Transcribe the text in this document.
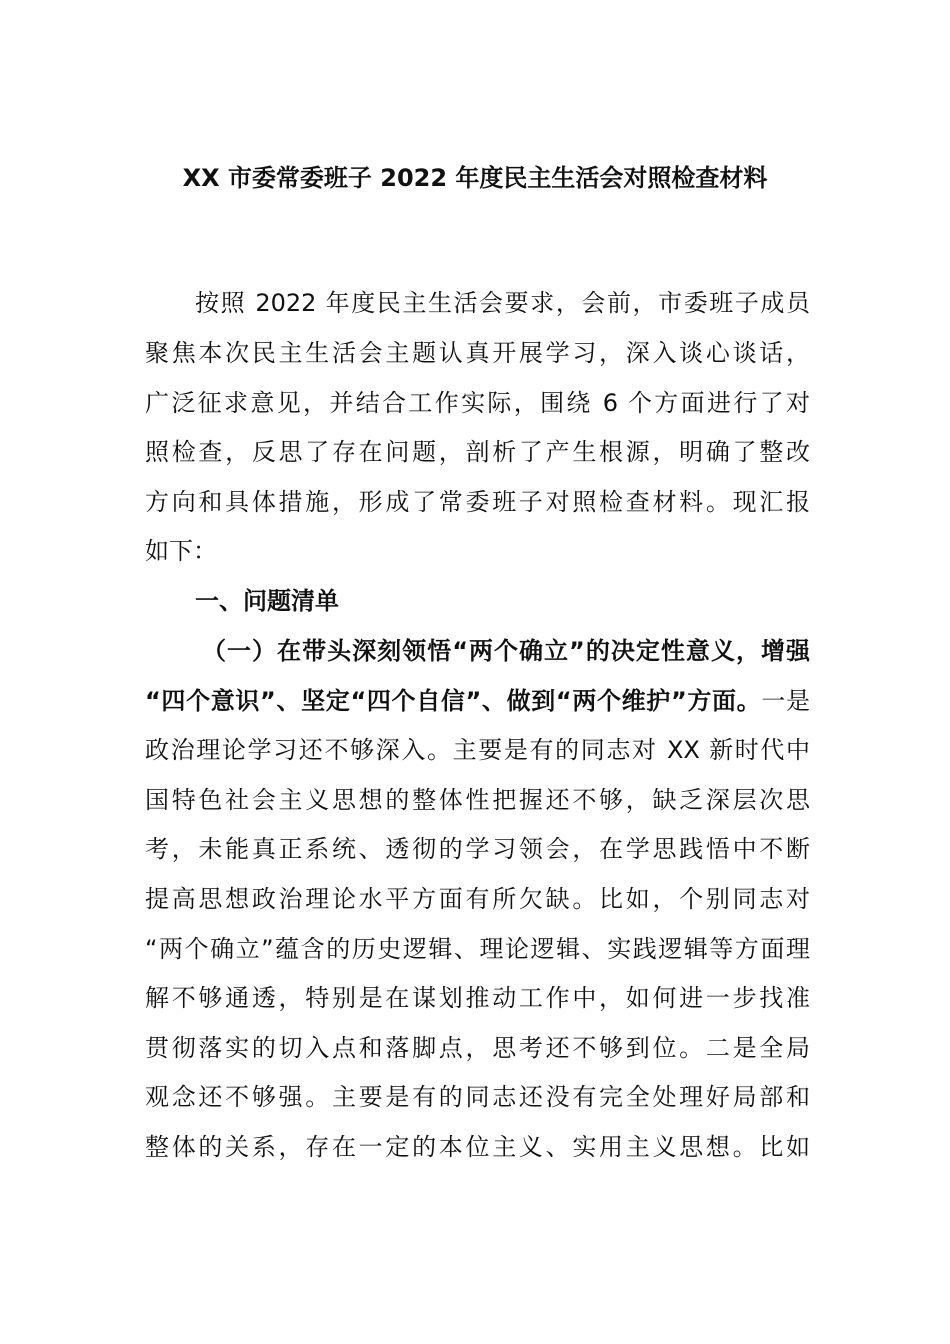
XX 市委常委班子 2022 年度民主生活会对照检查材料
按照 2022 年度民主生活会要求，会前，市委班子成员
聚焦本次民主生活会主题认真开展学习，深入谈心谈话，
广泛征求意见，并结合工作实际，围绕 6 个方面进行了对
照检查，反思了存在问题，剖析了产生根源，明确了整改
方向和具体措施，形成了常委班子对照检查材料。现汇报
如下：
一、问题清单
（一）在带头深刻领悟“两个确立”的决定性意义，增强
“四个意识”、坚定“四个自信”、做到“两个维护”方面。一是
政治理论学习还不够深入。主要是有的同志对 XX 新时代中
国特色社会主义思想的整体性把握还不够，缺乏深层次思
考，未能真正系统、透彻的学习领会，在学思践悟中不断
提高思想政治理论水平方面有所欠缺。比如，个别同志对
“两个确立”蕴含的历史逻辑、理论逻辑、实践逻辑等方面理
解不够通透，特别是在谋划推动工作中，如何进一步找准
贯彻落实的切入点和落脚点，思考还不够到位。二是全局
观念还不够强。主要是有的同志还没有完全处理好局部和
整体的关系，存在一定的本位主义、实用主义思想。比如
